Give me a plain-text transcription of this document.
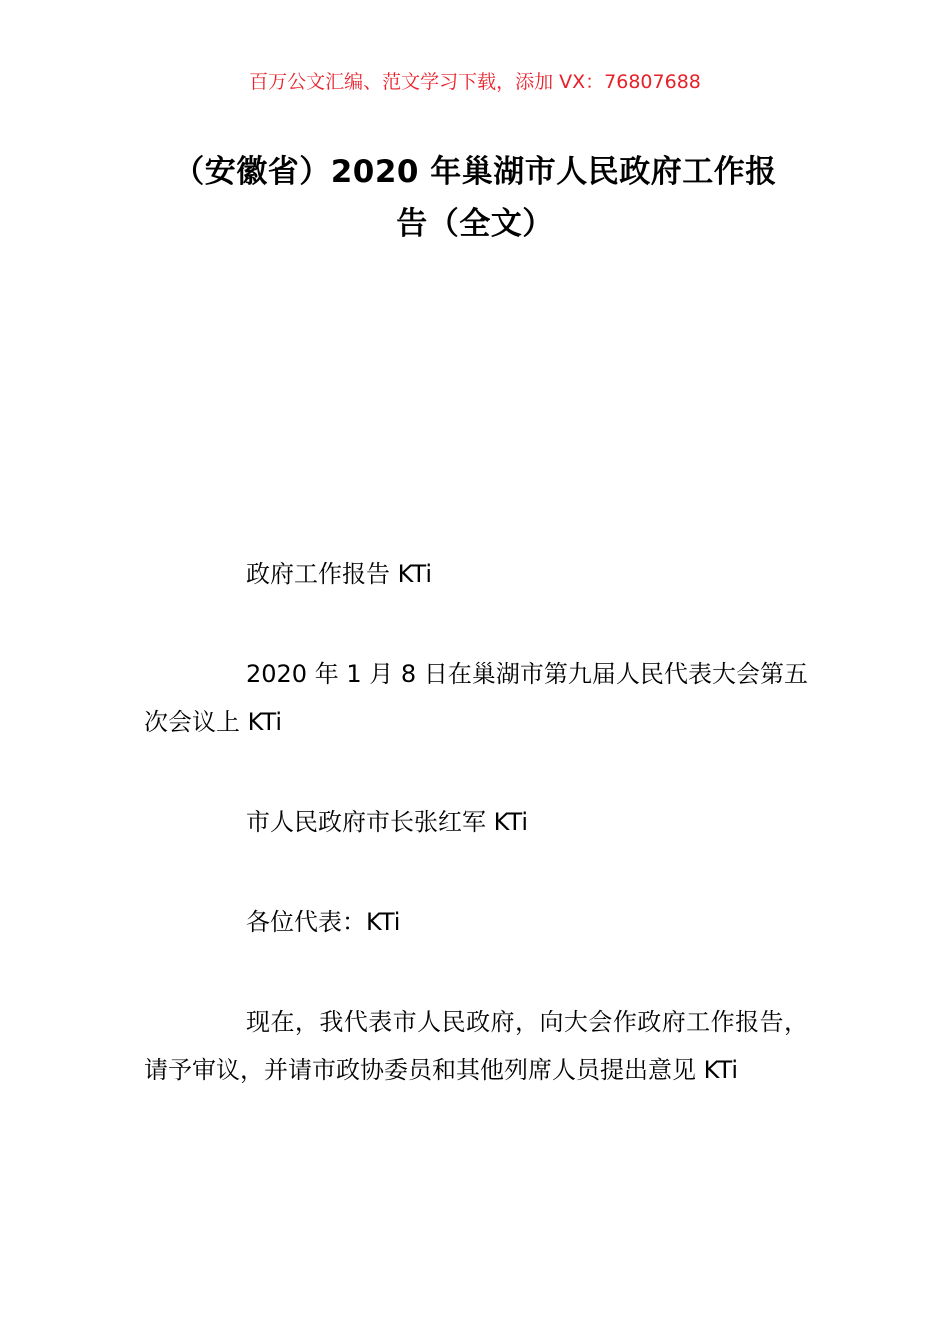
百万公文汇编、范文学习下载，添加 VX：76807688
（安徽省）2020 年巢湖市人民政府工作报
告（全文）

政府工作报告 KTi

2020 年 1 月 8 日在巢湖市第九届人民代表大会第五次会议上 KTi

市人民政府市长张红军 KTi

各位代表：KTi

现在，我代表市人民政府，向大会作政府工作报告，请予审议，并请市政协委员和其他列席人员提出意见 KTi
